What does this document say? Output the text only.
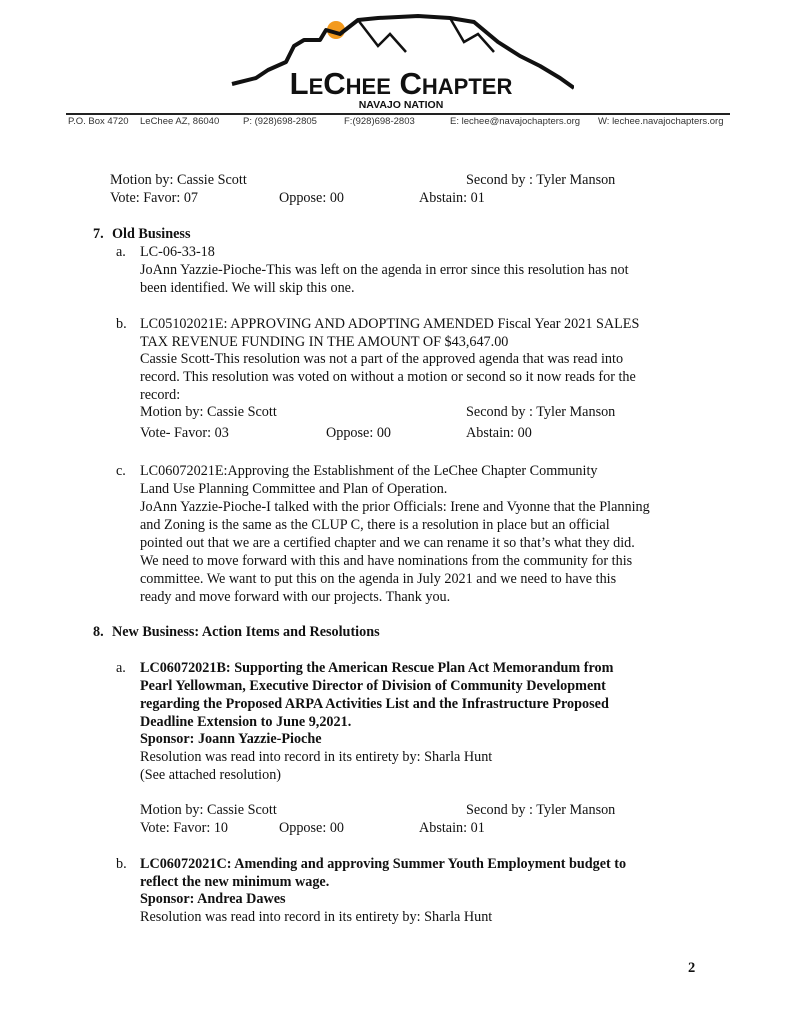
LeChee Chapter
NAVAJO NATION
P.O. Box 4720 LeChee AZ, 86040	P: (928)698-2805	F:(928)698-2803	E: lechee@navajochapters.org W: lechee.navajochapters.org
Motion by: Cassie Scott	Second by : Tyler Manson
Vote: Favor: 07	Oppose: 00	Abstain: 01
7. Old Business
a. LC-06-33-18
JoAnn Yazzie-Pioche-This was left on the agenda in error since this resolution has not
been identified. We will skip this one.
b. LC05102021E: APPROVING AND ADOPTING AMENDED Fiscal Year 2021 SALES
TAX REVENUE FUNDING IN THE AMOUNT OF $43,647.00
Cassie Scott-This resolution was not a part of the approved agenda that was read into
record. This resolution was voted on without a motion or second so it now reads for the
record:
Motion by: Cassie Scott	Second by : Tyler Manson
Vote- Favor: 03	Oppose: 00	Abstain: 00
c. LC06072021E:Approving the Establishment of the LeChee Chapter Community
Land Use Planning Committee and Plan of Operation.
JoAnn Yazzie-Pioche-I talked with the prior Officials: Irene and Vyonne that the Planning
and Zoning is the same as the CLUP C, there is a resolution in place but an official
pointed out that we are a certified chapter and we can rename it so that’s what they did.
We need to move forward with this and have nominations from the community for this
committee. We want to put this on the agenda in July 2021 and we need to have this
ready and move forward with our projects. Thank you.
8. New Business: Action Items and Resolutions
a. LC06072021B: Supporting the American Rescue Plan Act Memorandum from
Pearl Yellowman, Executive Director of Division of Community Development
regarding the Proposed ARPA Activities List and the Infrastructure Proposed
Deadline Extension to June 9,2021.
Sponsor: Joann Yazzie-Pioche
Resolution was read into record in its entirety by: Sharla Hunt
(See attached resolution)
Motion by: Cassie Scott	Second by : Tyler Manson
Vote: Favor: 10	Oppose: 00	Abstain: 01
b. LC06072021C: Amending and approving Summer Youth Employment budget to
reflect the new minimum wage.
Sponsor: Andrea Dawes
Resolution was read into record in its entirety by: Sharla Hunt
2
